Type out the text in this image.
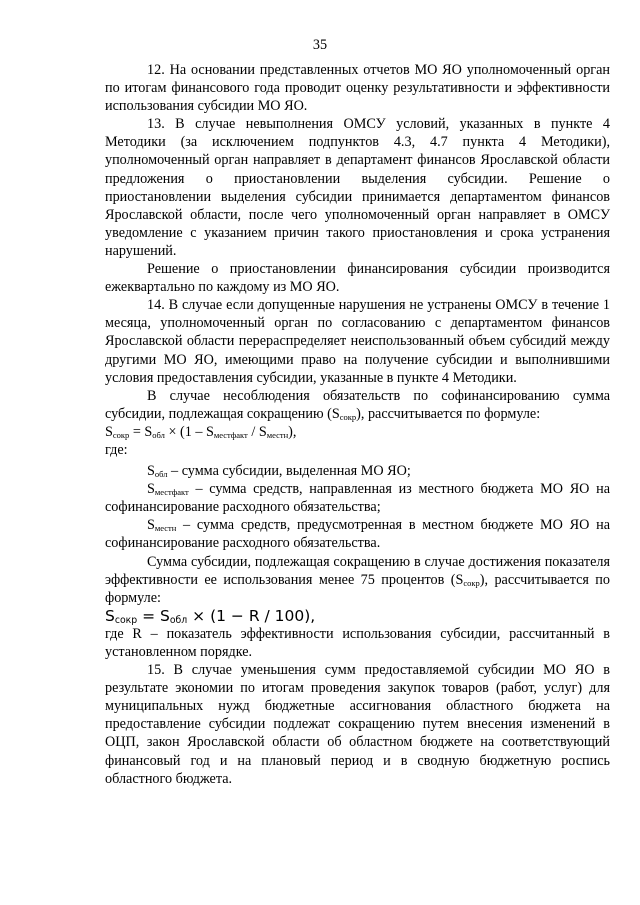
35

12. На основании представленных отчетов МО ЯО уполномоченный орган по итогам финансового года проводит оценку результативности и эффективности использования субсидии МО ЯО.

13. В случае невыполнения ОМСУ условий, указанных в пункте 4 Методики (за исключением подпунктов 4.3, 4.7 пункта 4 Методики), уполномоченный орган направляет в департамент финансов Ярославской области предложения о приостановлении выделения субсидии. Решение о приостановлении выделения субсидии принимается департаментом финансов Ярославской области, после чего уполномоченный орган направляет в ОМСУ уведомление с указанием причин такого приостановления и срока устранения нарушений.

Решение о приостановлении финансирования субсидии производится ежеквартально по каждому из МО ЯО.

14. В случае если допущенные нарушения не устранены ОМСУ в течение 1 месяца, уполномоченный орган по согласованию с департаментом финансов Ярославской области перераспределяет неиспользованный объем субсидий между другими МО ЯО, имеющими право на получение субсидии и выполнившими условия предоставления субсидии, указанные в пункте 4 Методики.

В случае несоблюдения обязательств по софинансированию сумма субсидии, подлежащая сокращению $(S_{сокр})$, рассчитывается по формуле:

$S_{сокр} = S_{обл} \times (1 - S_{местфакт} / S_{местн})$,

где:

$S_{обл}$ – сумма субсидии, выделенная МО ЯО;

$S_{местфакт}$ – сумма средств, направленная из местного бюджета МО ЯО на софинансирование расходного обязательства;

$S_{местн}$ – сумма средств, предусмотренная в местном бюджете МО ЯО на софинансирование расходного обязательства.

Сумма субсидии, подлежащая сокращению в случае достижения показателя эффективности ее использования менее 75 процентов $(S_{сокр})$, рассчитывается по формуле:

$S_{сокр} = S_{обл} \times (1 - R / 100)$,

где R – показатель эффективности использования субсидии, рассчитанный в установленном порядке.

15. В случае уменьшения сумм предоставляемой субсидии МО ЯО в результате экономии по итогам проведения закупок товаров (работ, услуг) для муниципальных нужд бюджетные ассигнования областного бюджета на предоставление субсидии подлежат сокращению путем внесения изменений в ОЦП, закон Ярославской области об областном бюджете на соответствующий финансовый год и на плановый период и в сводную бюджетную роспись областного бюджета.
